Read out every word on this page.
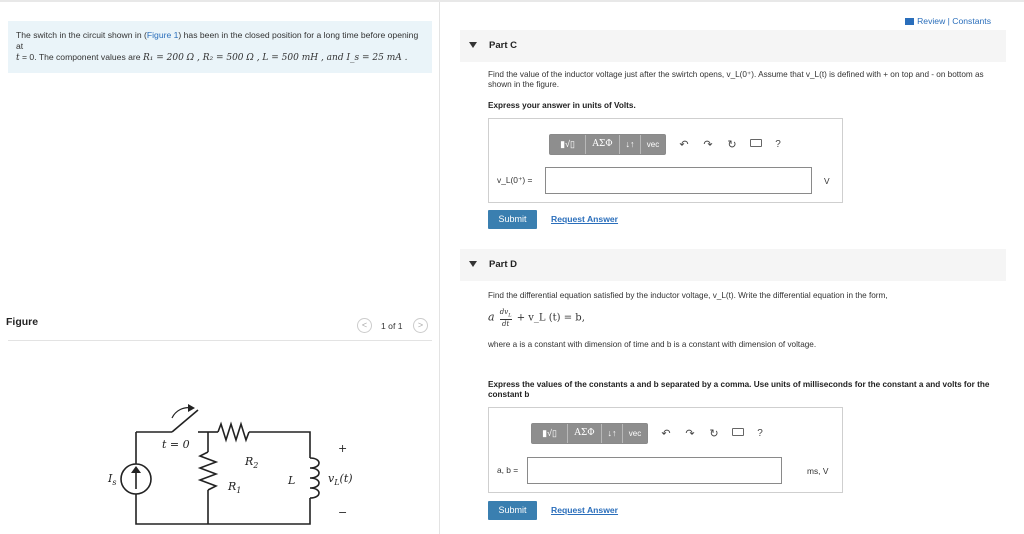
The switch in the circuit shown in (Figure 1) has been in the closed position for a long time before opening at
t = 0. The component values are R₁ = 200 Ω , R₂ = 500 Ω , L = 500 mH , and I_s = 25 mA .
Figure	<	1 of 1	>
t = 0
$I_s$	$R_1$
$R_2$
L	$v_L(t)$
+
−
Review | Constants
Part C
Find the value of the inductor voltage just after the swirtch opens, v_L(0⁺). Assume that v_L(t) is defined with + on top and - on bottom as shown in the figure.
Express your answer in units of Volts.
▮√▯	ΑΣΦ	↓↑	vec	↶	↷	↻	?
v_L(0⁺) =	V
Submit	Request Answer
Part D
Find the differential equation satisfied by the inductor voltage, v_L(t). Write the differential equation in the form,
a $dv_L$
dt
+ v_L (t) = b,
where a is a constant with dimension of time and b is a constant with dimension of voltage.
Express the values of the constants a and b separated by a comma. Use units of milliseconds for the constant a and volts for the constant b
▮√▯	ΑΣΦ	↓↑	vec	↶	↷	↻	?
a, b =	ms, V
Submit	Request Answer
